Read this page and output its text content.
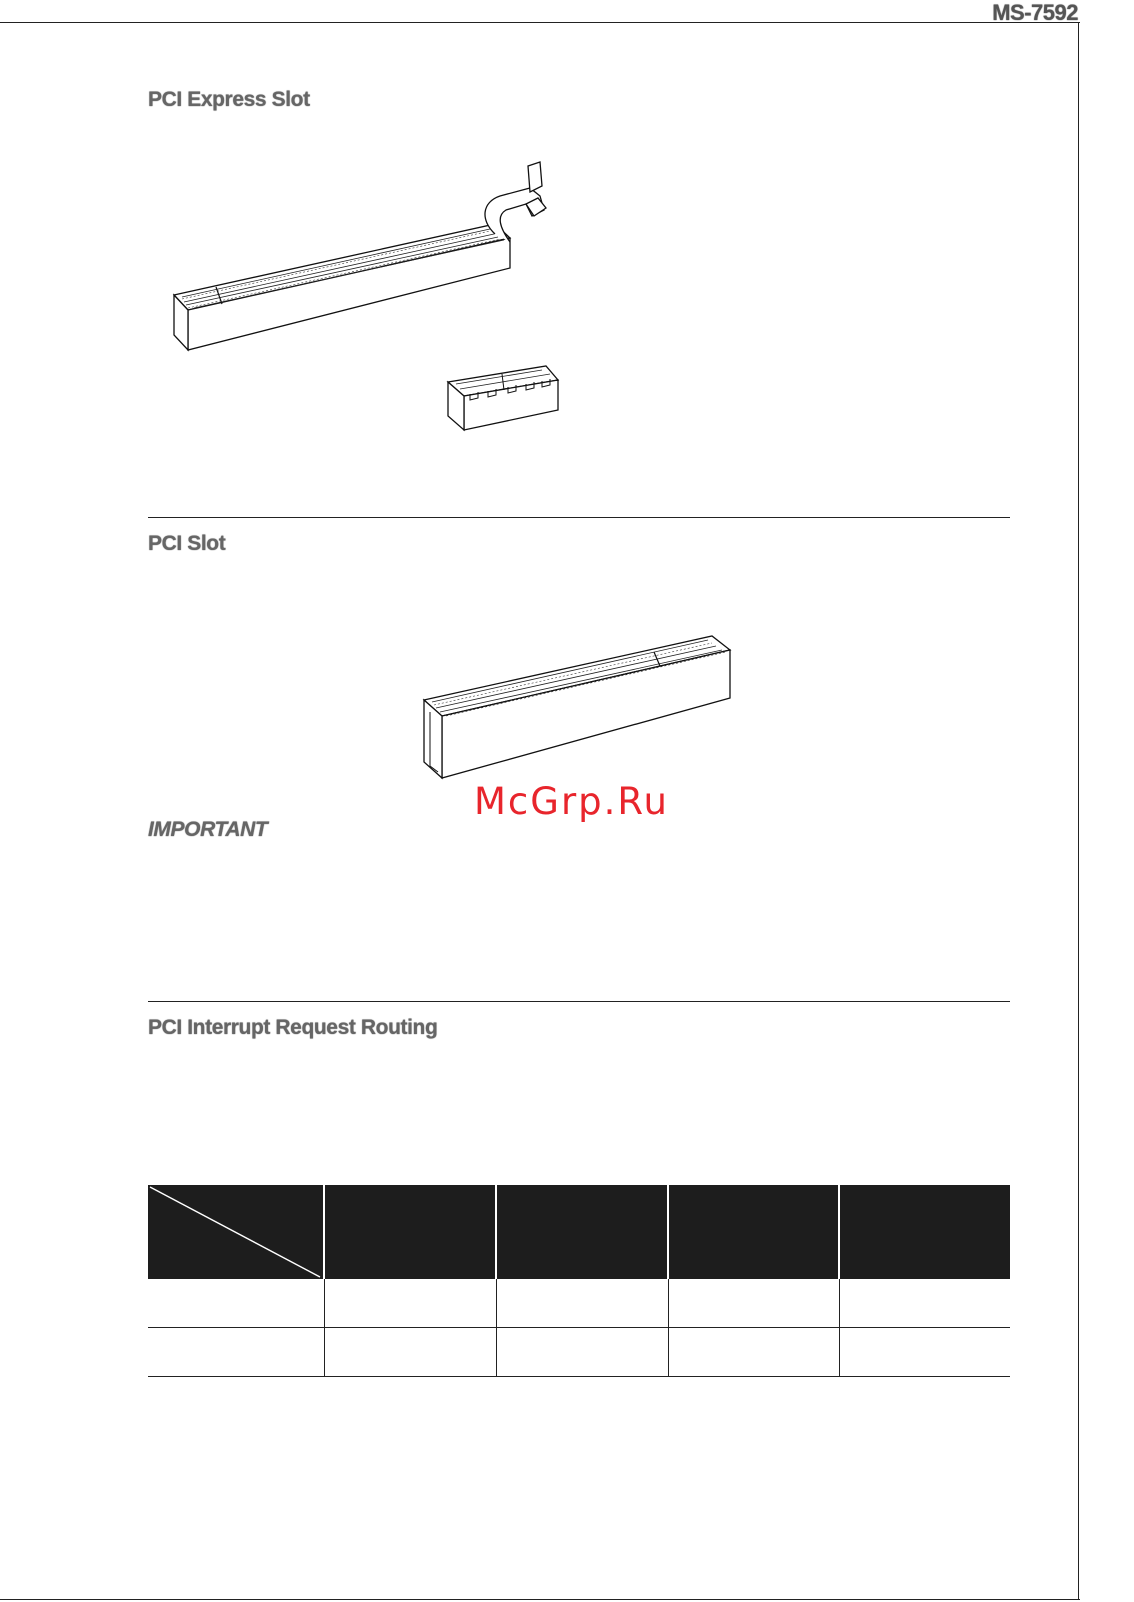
MS-7592
PCI Express Slot
PCI Slot
McGrp.Ru
IMPORTANT
PCI Interrupt Request Routing
